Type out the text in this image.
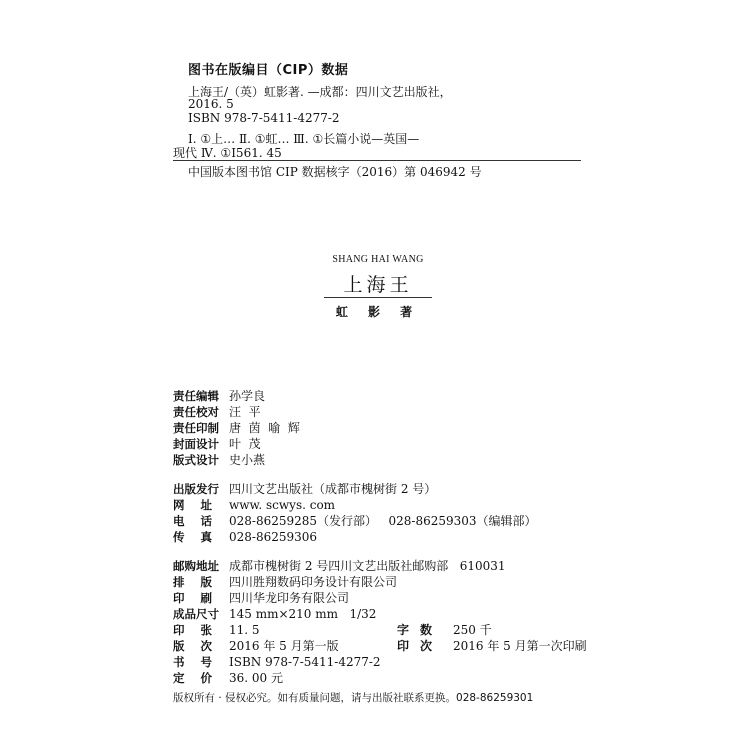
图书在版编目（CIP）数据
上海王/（英）虹影著. —成都：四川文艺出版社，
2016. 5
ISBN 978-7-5411-4277-2
Ⅰ. ①上… Ⅱ. ①虹… Ⅲ. ①长篇小说—英国—
现代 Ⅳ. ①I561. 45
中国版本图书馆 CIP 数据核字（2016）第 046942 号
SHANG HAI WANG
上海王
虹 影 著
责任编辑 孙学良
责任校对 汪  平
责任印制 唐  茵  喻  辉
封面设计 叶  茂
版式设计 史小燕
出版发行 四川文艺出版社（成都市槐树街 2 号）
网    址 www. scwys. com
电    话 028-86259285（发行部）   028-86259303（编辑部）
传    真 028-86259306
邮购地址 成都市槐树街 2 号四川文艺出版社邮购部   610031
排    版 四川胜翔数码印务设计有限公司
印    刷 四川华龙印务有限公司
成品尺寸 145 mm×210 mm   1/32
印    张 11. 5	字数 250 千
版    次 2016 年 5 月第一版	印次 2016 年 5 月第一次印刷
书    号 ISBN 978-7-5411-4277-2
定    价 36. 00 元
版权所有 · 侵权必究。如有质量问题，请与出版社联系更换。028-86259301
